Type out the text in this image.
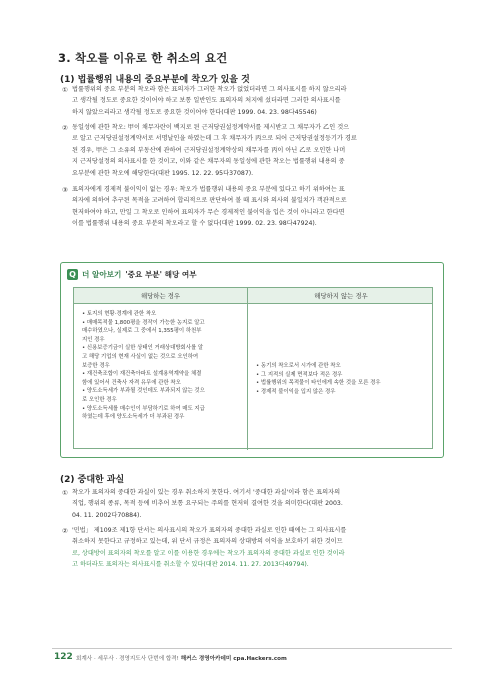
3. 착오를 이유로 한 취소의 요건
(1) 법률행위 내용의 중요부분에 착오가 있을 것
① 법률행위의 중요 부분의 착오라 함은 표의자가 그러한 착오가 없었더라면 그 의사표시를 하지 않으리라
고 생각될 정도로 중요한 것이어야 하고 보통 일반인도 표의자의 처지에 섰더라면 그러한 의사표시를
하지 않았으리라고 생각될 정도로 중요한 것이어야 한다(대판 1999. 04. 23. 98다45546)
② 동일성에 관한 착오: 甲이 채무자란이 백지로 된 근저당권설정계약서를 제시받고 그 채무자가 乙인 것으
로 알고 근저당권설정계약서로 서명날인을 하였는데 그 후 채무자가 丙으로 되어 근저당권설정등기가 경료
된 경우, 甲은 그 소유의 부동산에 관하여 근저당권설정계약상의 채무자를 丙이 아닌 乙로 오인한 나머
지 근저당설정의 의사표시를 한 것이고, 이와 같은 채무자의 동일성에 관한 착오는 법률행위 내용의 중
요부분에 관한 착오에 해당한다(대판 1995. 12. 22. 95다37087).
③ 표의자에게 경제적 불이익이 없는 경우: 착오가 법률행위 내용의 중요 부분에 있다고 하기 위하여는 표
의자에 의하여 추구된 목적을 고려하여 합리적으로 판단하여 볼 때 표시와 의사의 불일치가 객관적으로
현저하여야 하고, 만일 그 착오로 인하여 표의자가 무슨 경제적인 불이익을 입은 것이 아니라고 한다면
이를 법률행위 내용의 중요 부분의 착오라고 할 수 없다(대판 1999. 02. 23. 98다47924).
Q 더 알아보기 '중요 부분' 해당 여부
해당하는 경우	해당하지 않는 경우
• 토지의 현황·경계에 관한 착오
• 매매목적물 1,800평을 경작이 가능한 농지로 알고
매수하였으나, 실제로 그 중에서 1,355평이 하천부
지인 경우
• 신용보증기금이 실한 상태인 거래상대방회사를 알
고 해당 기업의 현재 사실이 없는 것으로 오인하여
보증한 경우
• 재건축조합이 재건축아파트 설계용역계약을 체결
함에 있어서 건축사 자격 유무에 관한 착오
• 양도소득세가 부과될 것인데도 부과되지 않는 것으
로 오인한 경우
• 양도소득세를 매수인이 부담하기로 하여 매도 지급
하였는데 후에 양도소득세가 더 부과된 경우
• 동기의 착오로서 시가에 관한 착오
• 그 지적의 실제 면적보다 적은 경우
• 법률행위의 목적물이 타인에게 속한 것을 모른 경우
• 경제적 불이익을 입지 않은 경우
(2) 중대한 과실
① 착오가 표의자의 중대한 과실이 있는 경우 취소하지 못한다. 여기서 '중대한 과실'이라 함은 표의자의
직업, 행위의 종류, 목적 등에 비추어 보통 요구되는 주의를 현저히 결여한 것을 의미한다(대판 2003.
04. 11. 2002다70884).
② '민법」 제109조 제1항 단서는 의사표시의 착오가 표의자의 중대한 과실로 인한 때에는 그 의사표시를
취소하지 못한다고 규정하고 있는데, 위 단서 규정은 표의자의 상대방의 이익을 보호하기 위한 것이므
로, 상대방이 표의자의 착오를 알고 이를 이용한 경우에는 착오가 표의자의 중대한 과실로 인한 것이라
고 하더라도 표의자는 의사표시를 취소할 수 있다(대판 2014. 11. 27. 2013다49794).
122 회계사 · 세무사 · 경영지도사 단번에 합격! 해커스 경영아카데미 cpa.Hackers.com
